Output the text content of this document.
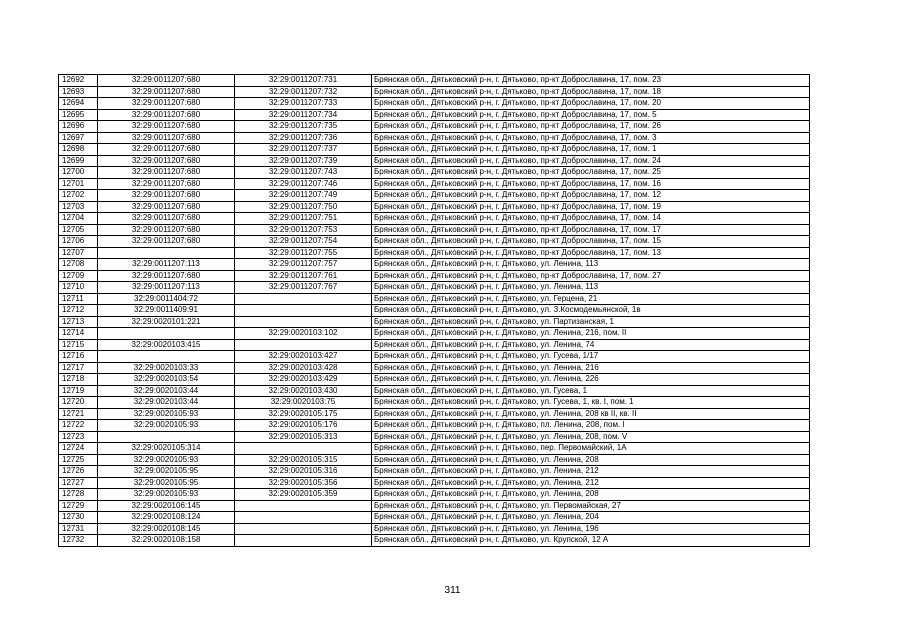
12692	32:29:0011207:680	32:29:0011207:731	Брянская обл., Дятьковский р-н, г. Дятьково, пр-кт Доброславина, 17, пом. 23
12693	32:29:0011207:680	32:29:0011207:732	Брянская обл., Дятьковский р-н, г. Дятьково, пр-кт Доброславина, 17, пом. 18
12694	32:29:0011207:680	32:29:0011207:733	Брянская обл., Дятьковский р-н, г. Дятьково, пр-кт Доброславина, 17, пом. 20
12695	32:29:0011207:680	32:29:0011207:734	Брянская обл., Дятьковский р-н, г. Дятьково, пр-кт Доброславина, 17, пом. 5
12696	32:29:0011207:680	32:29:0011207:735	Брянская обл., Дятьковский р-н, г. Дятьково, пр-кт Доброславина, 17, пом. 26
12697	32:29:0011207:680	32:29:0011207:736	Брянская обл., Дятьковский р-н, г. Дятьково, пр-кт Доброславина, 17, пом. 3
12698	32:29:0011207:680	32:29:0011207:737	Брянская обл., Дятьковский р-н, г. Дятьково, пр-кт Доброславина, 17, пом. 1
12699	32:29:0011207:680	32:29:0011207:739	Брянская обл., Дятьковский р-н, г. Дятьково, пр-кт Доброславина, 17, пом. 24
12700	32:29:0011207:680	32:29:0011207:743	Брянская обл., Дятьковский р-н, г. Дятьково, пр-кт Доброславина, 17, пом. 25
12701	32:29:0011207:680	32:29:0011207:746	Брянская обл., Дятьковский р-н, г. Дятьково, пр-кт Доброславина, 17, пом. 16
12702	32:29:0011207:680	32:29:0011207:749	Брянская обл., Дятьковский р-н, г. Дятьково, пр-кт Доброславина, 17, пом. 12
12703	32:29:0011207:680	32:29:0011207:750	Брянская обл., Дятьковский р-н, г. Дятьково, пр-кт Доброславина, 17, пом. 19
12704	32:29:0011207:680	32:29:0011207:751	Брянская обл., Дятьковский р-н, г. Дятьково, пр-кт Доброславина, 17, пом. 14
12705	32:29:0011207:680	32:29:0011207:753	Брянская обл., Дятьковский р-н, г. Дятьково, пр-кт Доброславина, 17, пом. 17
12706	32:29:0011207:680	32:29:0011207:754	Брянская обл., Дятьковский р-н, г. Дятьково, пр-кт Доброславина, 17, пом. 15
12707		32:29:0011207:755	Брянская обл., Дятьковский р-н, г. Дятьково, пр-кт Доброславина, 17, пом. 13
12708	32:29:0011207:113	32:29:0011207:757	Брянская обл., Дятьковский р-н, г. Дятьково, ул. Ленина, 113
12709	32:29:0011207:680	32:29:0011207:761	Брянская обл., Дятьковский р-н, г. Дятьково, пр-кт Доброславина, 17, пом. 27
12710	32:29:0011207:113	32:29:0011207:767	Брянская обл., Дятьковский р-н, г. Дятьково, ул. Ленина, 113
12711	32:29:0011404:72		Брянская обл., Дятьковский р-н, г. Дятьково, ул. Герцена, 21
12712	32:29:0011409:91		Брянская обл., Дятьковский р-н, г. Дятьково, ул. З.Космодемьянской, 1в
12713	32:29:0020101:221		Брянская обл., Дятьковский р-н, г. Дятьково, ул. Партизанская, 1
12714		32:29:0020103:102	Брянская обл., Дятьковский р-н, г. Дятьково, ул. Ленина, 216, пом. II
12715	32:29:0020103:415		Брянская обл., Дятьковский р-н, г. Дятьково, ул. Ленина, 74
12716		32:29:0020103:427	Брянская обл., Дятьковский р-н, г. Дятьково, ул. Гусева, 1/17
12717	32:29:0020103:33	32:29:0020103:428	Брянская обл., Дятьковский р-н, г. Дятьково, ул. Ленина, 216
12718	32:29:0020103:54	32:29:0020103:429	Брянская обл., Дятьковский р-н, г. Дятьково, ул. Ленина, 226
12719	32:29:0020103:44	32:29:0020103:430	Брянская обл., Дятьковский р-н, г. Дятьково, ул. Гусева, 1
12720	32:29:0020103:44	32:29:0020103:75	Брянская обл., Дятьковский р-н, г. Дятьково, ул. Гусева, 1, кв. I, пом. 1
12721	32:29:0020105:93	32:29:0020105:175	Брянская обл., Дятьковский р-н, г. Дятьково, ул. Ленина, 208 кв II, кв. II
12722	32:29:0020105:93	32:29:0020105:176	Брянская обл., Дятьковский р-н, г. Дятьково, пл. Ленина, 208, пом. I
12723		32:29:0020105:313	Брянская обл., Дятьковский р-н, г. Дятьково, ул. Ленина, 208, пом. V
12724	32:29:0020105:314		Брянская обл., Дятьковский р-н, г. Дятьково, пер. Первомайский, 1А
12725	32:29:0020105:93	32:29:0020105:315	Брянская обл., Дятьковский р-н, г. Дятьково, ул. Ленина, 208
12726	32:29:0020105:95	32:29:0020105:316	Брянская обл., Дятьковский р-н, г. Дятьково, ул. Ленина, 212
12727	32:29:0020105:95	32:29:0020105:356	Брянская обл., Дятьковский р-н, г. Дятьково, ул. Ленина, 212
12728	32:29:0020105:93	32:29:0020105:359	Брянская обл., Дятьковский р-н, г. Дятьково, ул. Ленина, 208
12729	32:29:0020106:145		Брянская обл., Дятьковский р-н, г. Дятьково, ул. Первомайская, 27
12730	32:29:0020108:124		Брянская обл., Дятьковский р-н, г. Дятьково, ул. Ленина, 204
12731	32:29:0020108:145		Брянская обл., Дятьковский р-н, г. Дятьково, ул. Ленина, 196
12732	32:29:0020108:158		Брянская обл., Дятьковский р-н, г. Дятьково, ул. Крупской, 12 А
311
